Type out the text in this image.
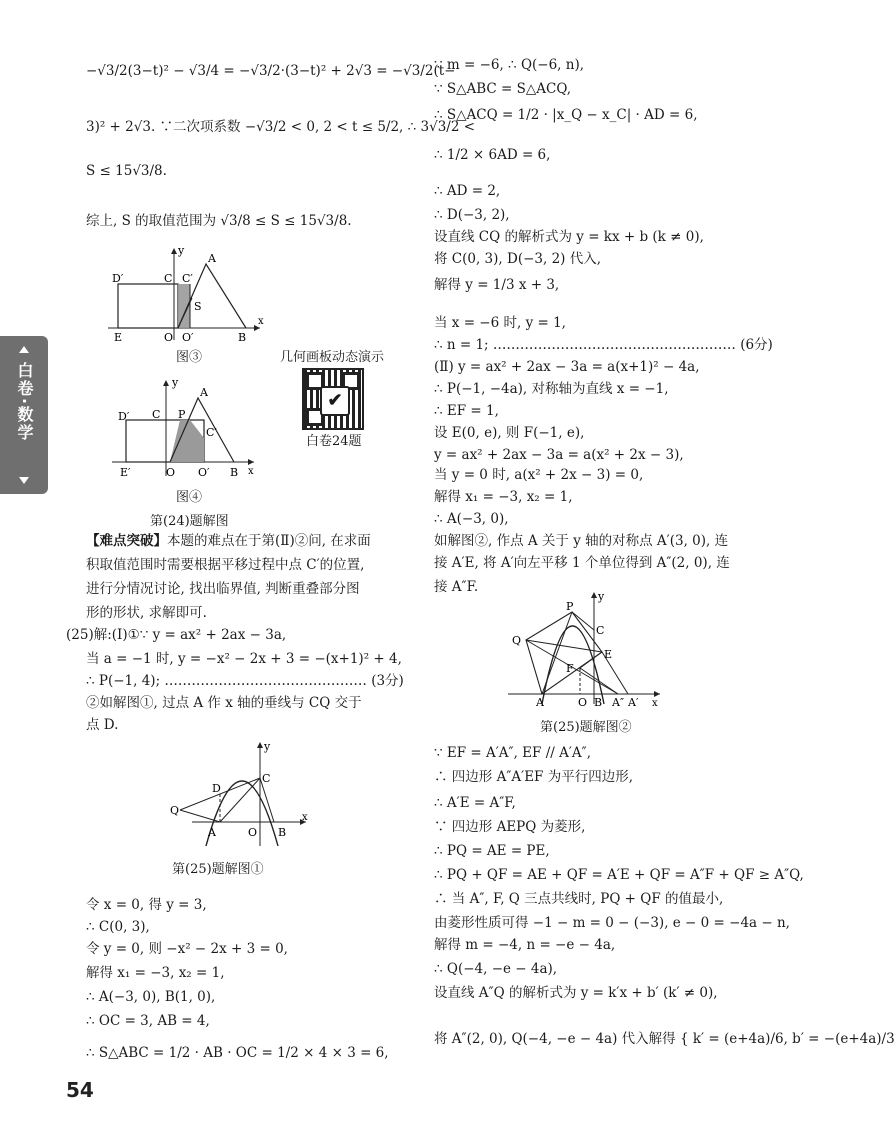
白卷·数学
−√3/2(3−t)² − √3/4 = −√3/2·(3−t)² + 2√3 = −√3/2(t−
3)² + 2√3. ∵二次项系数 −√3/2 < 0, 2 < t ≤ 5/2, ∴ 3√3/2 <
S ≤ 15√3/8.
综上, S 的取值范围为 √3/8 ≤ S ≤ 15√3/8.
D′	C C′
A
S
y
E	O O′	B
x
图③	几何画板动态演示
✔
白卷24题
D′ C P
A
C′
y
E′	O O′ B x
图④
第(24)题解图
【难点突破】本题的难点在于第(Ⅱ)②问, 在求面
积取值范围时需要根据平移过程中点 C′的位置,
进行分情况讨论, 找出临界值, 判断重叠部分图
形的形状, 求解即可.
(25)解:(Ⅰ)①∵ y = ax² + 2ax − 3a,
当 a = −1 时, y = −x² − 2x + 3 = −(x+1)² + 4,
∴ P(−1, 4); ……………………………………… (3分)
②如解图①, 过点 A 作 x 轴的垂线与 CQ 交于
点 D.
Q
D
C
y
A	O B
x
第(25)题解图①
令 x = 0, 得 y = 3,
∴ C(0, 3),
令 y = 0, 则 −x² − 2x + 3 = 0,
解得 x₁ = −3, x₂ = 1,
∴ A(−3, 0), B(1, 0),
∴ OC = 3, AB = 4,
∴ S△ABC = 1/2 · AB · OC = 1/2 × 4 × 3 = 6,
54
∵ m = −6, ∴ Q(−6, n),
∵ S△ABC = S△ACQ,
∴ S△ACQ = 1/2 · |x_Q − x_C| · AD = 6,
∴ 1/2 × 6AD = 6,
∴ AD = 2,
∴ D(−3, 2),
设直线 CQ 的解析式为 y = kx + b (k ≠ 0),
将 C(0, 3), D(−3, 2) 代入,
解得 y = 1/3 x + 3,
当 x = −6 时, y = 1,
∴ n = 1; ……………………………………………… (6分)
(Ⅱ) y = ax² + 2ax − 3a = a(x+1)² − 4a,
∴ P(−1, −4a), 对称轴为直线 x = −1,
∴ EF = 1,
设 E(0, e), 则 F(−1, e),
y = ax² + 2ax − 3a = a(x² + 2x − 3),
当 y = 0 时, a(x² + 2x − 3) = 0,
解得 x₁ = −3, x₂ = 1,
∴ A(−3, 0),
如解图②, 作点 A 关于 y 轴的对称点 A′(3, 0), 连
接 A′E, 将 A′向左平移 1 个单位得到 A″(2, 0), 连
接 A″F.
P
y
Q
C
E
F
A	O B A″ A′ x
第(25)题解图②
∵ EF = A′A″, EF // A′A″,
∴ 四边形 A″A′EF 为平行四边形,
∴ A′E = A″F,
∵ 四边形 AEPQ 为菱形,
∴ PQ = AE = PE,
∴ PQ + QF = AE + QF = A′E + QF = A″F + QF ≥ A″Q,
∴ 当 A″, F, Q 三点共线时, PQ + QF 的值最小,
由菱形性质可得 −1 − m = 0 − (−3), e − 0 = −4a − n,
解得 m = −4, n = −e − 4a,
∴ Q(−4, −e − 4a),
设直线 A″Q 的解析式为 y = k′x + b′ (k′ ≠ 0),
将 A″(2, 0), Q(−4, −e − 4a) 代入解得 { k′ = (e+4a)/6, b′ = −(e+4a)/3
